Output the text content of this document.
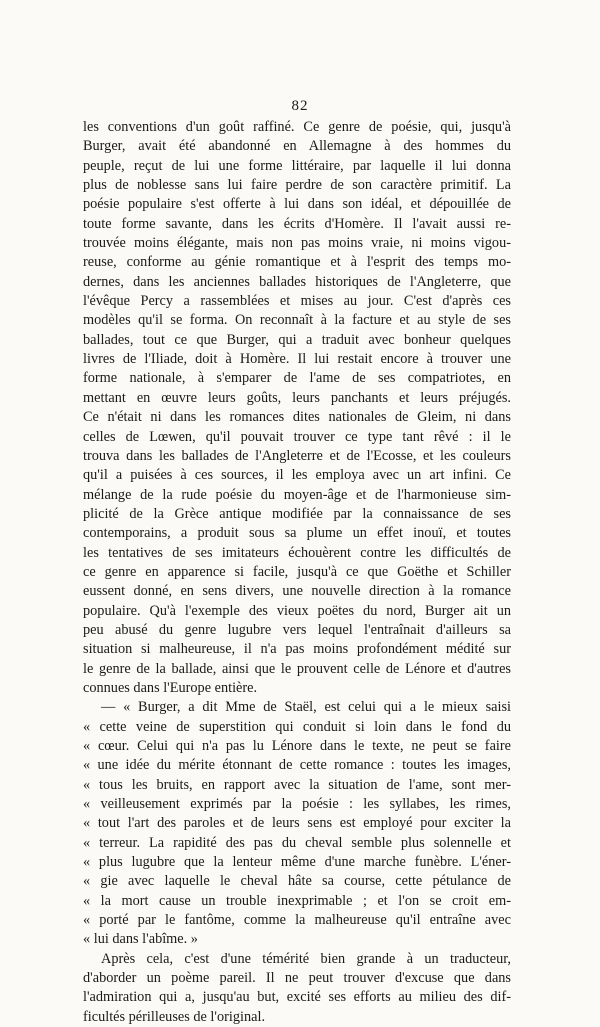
82
les conventions d'un goût raffiné. Ce genre de poésie, qui, jusqu'à
Burger, avait été abandonné en Allemagne à des hommes du
peuple, reçut de lui une forme littéraire, par laquelle il lui donna
plus de noblesse sans lui faire perdre de son caractère primitif. La
poésie populaire s'est offerte à lui dans son idéal, et dépouillée de
toute forme savante, dans les écrits d'Homère. Il l'avait aussi re-
trouvée moins élégante, mais non pas moins vraie, ni moins vigou-
reuse, conforme au génie romantique et à l'esprit des temps mo-
dernes, dans les anciennes ballades historiques de l'Angleterre, que
l'évêque Percy a rassemblées et mises au jour. C'est d'après ces
modèles qu'il se forma. On reconnaît à la facture et au style de ses
ballades, tout ce que Burger, qui a traduit avec bonheur quelques
livres de l'Iliade, doit à Homère. Il lui restait encore à trouver une
forme nationale, à s'emparer de l'ame de ses compatriotes, en
mettant en œuvre leurs goûts, leurs panchants et leurs préjugés.
Ce n'était ni dans les romances dites nationales de Gleim, ni dans
celles de Lœwen, qu'il pouvait trouver ce type tant rêvé : il le
trouva dans les ballades de l'Angleterre et de l'Ecosse, et les couleurs
qu'il a puisées à ces sources, il les employa avec un art infini. Ce
mélange de la rude poésie du moyen-âge et de l'harmonieuse sim-
plicité de la Grèce antique modifiée par la connaissance de ses
contemporains, a produit sous sa plume un effet inouï, et toutes
les tentatives de ses imitateurs échouèrent contre les difficultés de
ce genre en apparence si facile, jusqu'à ce que Goëthe et Schiller
eussent donné, en sens divers, une nouvelle direction à la romance
populaire. Qu'à l'exemple des vieux poëtes du nord, Burger ait un
peu abusé du genre lugubre vers lequel l'entraînait d'ailleurs sa
situation si malheureuse, il n'a pas moins profondément médité sur
le genre de la ballade, ainsi que le prouvent celle de Lénore et d'autres
connues dans l'Europe entière.
— « Burger, a dit Mme de Staël, est celui qui a le mieux saisi
« cette veine de superstition qui conduit si loin dans le fond du
« cœur. Celui qui n'a pas lu Lénore dans le texte, ne peut se faire
« une idée du mérite étonnant de cette romance : toutes les images,
« tous les bruits, en rapport avec la situation de l'ame, sont mer-
« veilleusement exprimés par la poésie : les syllabes, les rimes,
« tout l'art des paroles et de leurs sens est employé pour exciter la
« terreur. La rapidité des pas du cheval semble plus solennelle et
« plus lugubre que la lenteur même d'une marche funèbre. L'éner-
« gie avec laquelle le cheval hâte sa course, cette pétulance de
« la mort cause un trouble inexprimable ; et l'on se croit em-
« porté par le fantôme, comme la malheureuse qu'il entraîne avec
« lui dans l'abîme. »
Après cela, c'est d'une témérité bien grande à un traducteur,
d'aborder un poème pareil. Il ne peut trouver d'excuse que dans
l'admiration qui a, jusqu'au but, excité ses efforts au milieu des dif-
ficultés périlleuses de l'original.
